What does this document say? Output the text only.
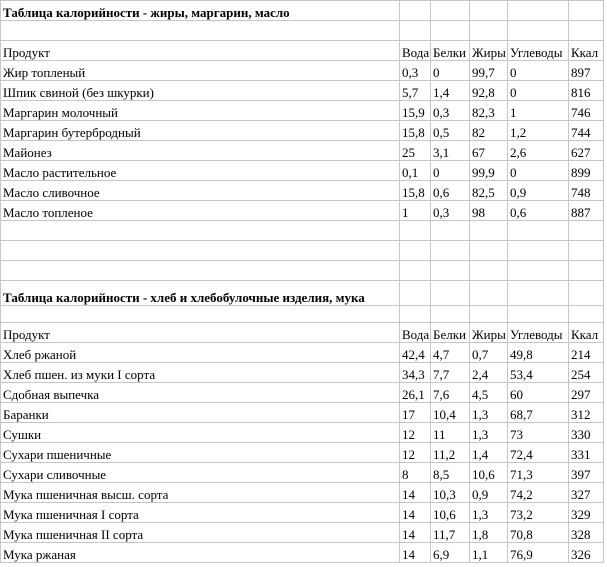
Таблица калорийности - жиры, маргарин, масло					

Продукт	Вода	Белки	Жиры	Углеводы	Ккал
Жир топленый	0,3	0	99,7	0	897
Шпик свиной (без шкурки)	5,7	1,4	92,8	0	816
Маргарин молочный	15,9	0,3	82,3	1	746
Маргарин бутербродный	15,8	0,5	82	1,2	744
Майонез	25	3,1	67	2,6	627
Масло растительное	0,1	0	99,9	0	899
Масло сливочное	15,8	0,6	82,5	0,9	748
Масло топленое	1	0,3	98	0,6	887

Таблица калорийности - хлеб и хлебобулочные изделия, мука					

Продукт	Вода	Белки	Жиры	Углеводы	Ккал
Хлеб ржаной	42,4	4,7	0,7	49,8	214
Хлеб пшен. из муки I сорта	34,3	7,7	2,4	53,4	254
Сдобная выпечка	26,1	7,6	4,5	60	297
Баранки	17	10,4	1,3	68,7	312
Сушки	12	11	1,3	73	330
Сухари пшеничные	12	11,2	1,4	72,4	331
Сухари сливочные	8	8,5	10,6	71,3	397
Мука пшеничная высш. сорта	14	10,3	0,9	74,2	327
Мука пшеничная I сорта	14	10,6	1,3	73,2	329
Мука пшеничная II сорта	14	11,7	1,8	70,8	328
Мука ржаная	14	6,9	1,1	76,9	326
